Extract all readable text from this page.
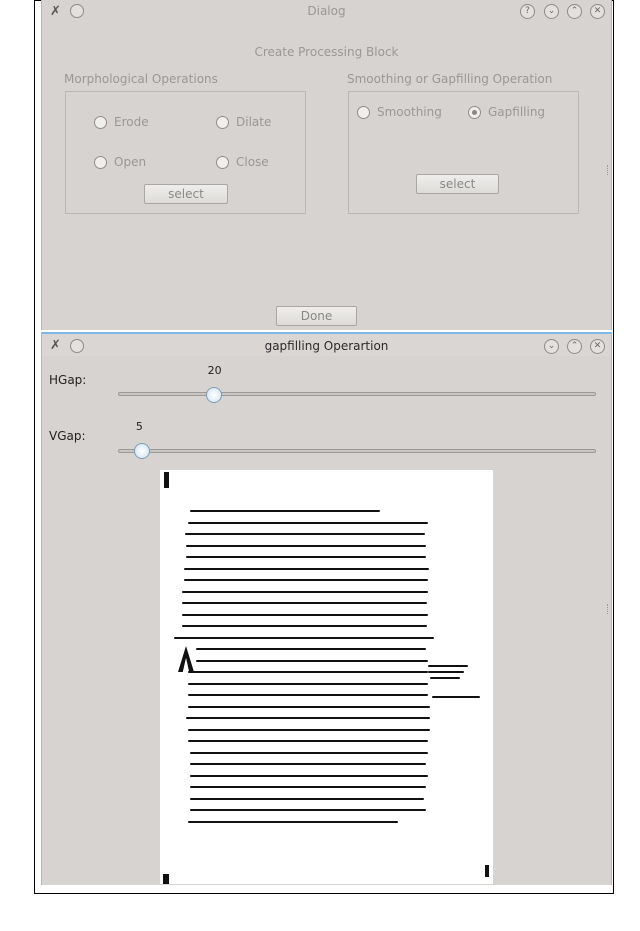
✗	Dialog	?	⌄	⌃	✕
Create Processing Block
Morphological Operations
Erode	Dilate
Open	Close
select
Smoothing or Gapfilling Operation
Smoothing	Gapfilling
select
Done
✗	gapfilling Operartion	⌄	⌃	✕
HGap:
20
VGap:
5
